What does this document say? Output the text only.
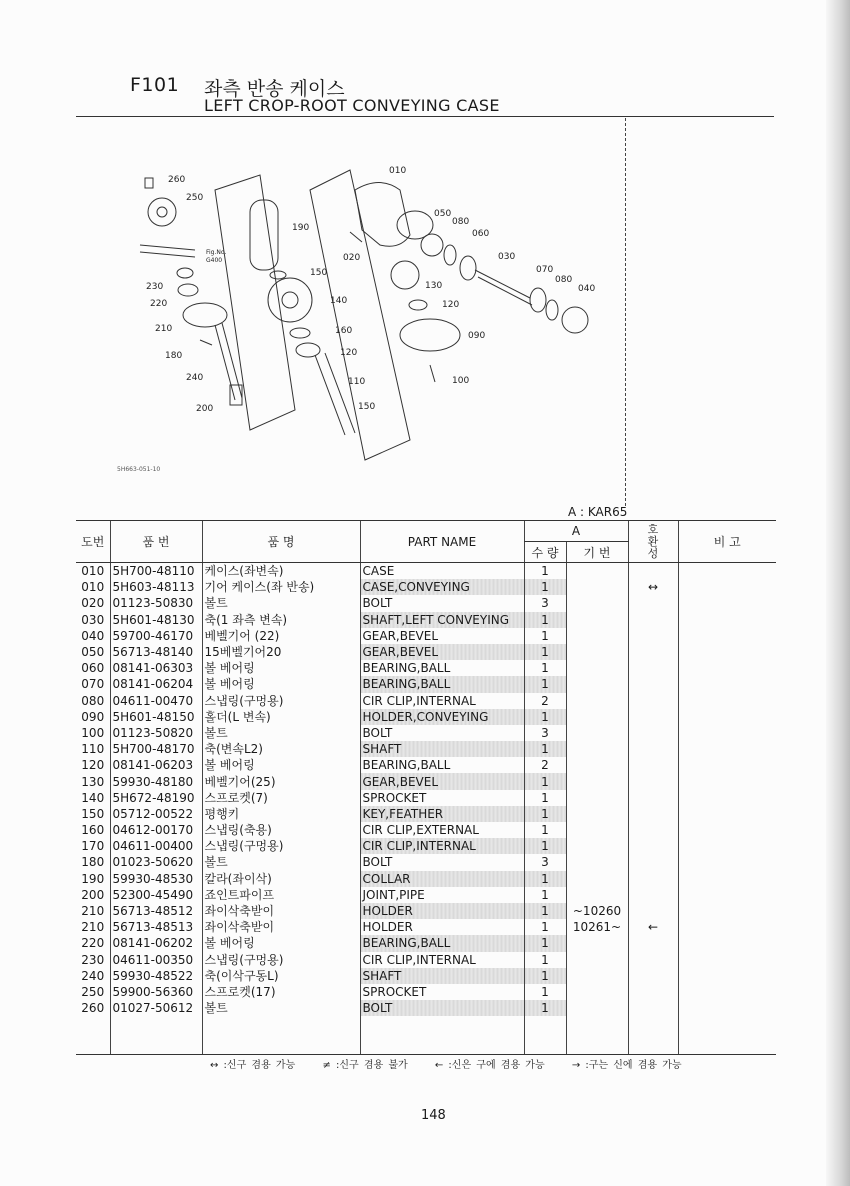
F101 좌측 반송 케이스
LEFT CROP-ROOT CONVEYING CASE
260
250
Fig.No.
G400
230
220
210
180
240
200
190
150
140
160
120
110
150
010
020
050
080
060
030
070
080
040
130
120
090
100
5H663-051-10
A : KAR65
도번	품 번	품 명	PART NAME	A		호
환
성	비 고
				수 량	기 번		
010	5H700-48110	케이스(좌변속)	CASE	1			
010	5H603-48113	기어 케이스(좌 반송)	CASE,CONVEYING	1		↔	
020	01123-50830	볼트	BOLT	3			
030	5H601-48130	축(1 좌측 변속)	SHAFT,LEFT CONVEYING	1			
040	59700-46170	베벨기어 (22)	GEAR,BEVEL	1			
050	56713-48140	15베벨기어20	GEAR,BEVEL	1			
060	08141-06303	볼 베어링	BEARING,BALL	1			
070	08141-06204	볼 베어링	BEARING,BALL	1			
080	04611-00470	스냅링(구멍용)	CIR CLIP,INTERNAL	2			
090	5H601-48150	홀더(L 변속)	HOLDER,CONVEYING	1			
100	01123-50820	볼트	BOLT	3			
110	5H700-48170	축(변속L2)	SHAFT	1			
120	08141-06203	볼 베어링	BEARING,BALL	2			
130	59930-48180	베벨기어(25)	GEAR,BEVEL	1			
140	5H672-48190	스프로켓(7)	SPROCKET	1			
150	05712-00522	평행키	KEY,FEATHER	1			
160	04612-00170	스냅링(축용)	CIR CLIP,EXTERNAL	1			
170	04611-00400	스냅링(구멍용)	CIR CLIP,INTERNAL	1			
180	01023-50620	볼트	BOLT	3			
190	59930-48530	칼라(좌이삭)	COLLAR	1			
200	52300-45490	죠인트파이프	JOINT,PIPE	1			
210	56713-48512	좌이삭축받이	HOLDER	1	~10260		
210	56713-48513	좌이삭축받이	HOLDER	1	10261~	←	
220	08141-06202	볼 베어링	BEARING,BALL	1			
230	04611-00350	스냅링(구멍용)	CIR CLIP,INTERNAL	1			
240	59930-48522	축(이삭구동L)	SHAFT	1			
250	59900-56360	스프로켓(17)	SPROCKET	1			
260	01027-50612	볼트	BOLT	1			

↔ :신구 겸용 가능	≠ :신구 겸용 불가	← :신은 구에 겸용 가능	→ :구는 신에 겸용 가능
148
